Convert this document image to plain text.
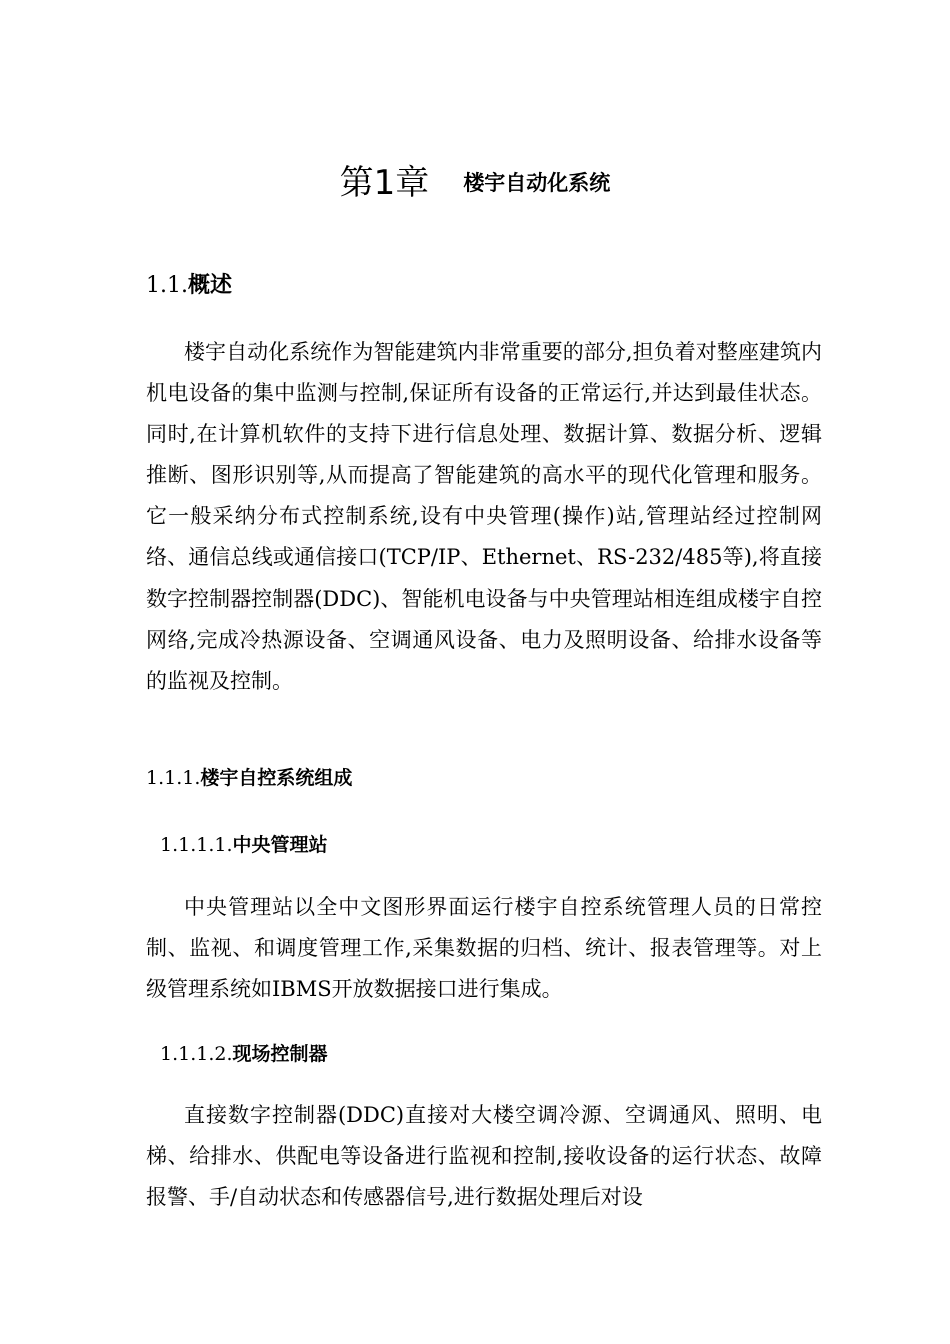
第1章 楼宇自动化系统
1.1.概述

楼宇自动化系统作为智能建筑内非常重要的部分,担负着对整座建筑内机电设备的集中监测与控制,保证所有设备的正常运行,并达到最佳状态。同时,在计算机软件的支持下进行信息处理、数据计算、数据分析、逻辑推断、图形识别等,从而提高了智能建筑的高水平的现代化管理和服务。它一般采纳分布式控制系统,设有中央管理(操作)站,管理站经过控制网络、通信总线或通信接口(TCP/IP、Ethernet、RS-232/485等),将直接数字控制器控制器(DDC)、智能机电设备与中央管理站相连组成楼宇自控网络,完成冷热源设备、空调通风设备、电力及照明设备、给排水设备等的监视及控制。

1.1.1.楼宇自控系统组成
1.1.1.1.中央管理站

中央管理站以全中文图形界面运行楼宇自控系统管理人员的日常控制、监视、和调度管理工作,采集数据的归档、统计、报表管理等。对上级管理系统如IBMS开放数据接口进行集成。

1.1.1.2.现场控制器

直接数字控制器(DDC)直接对大楼空调冷源、空调通风、照明、电梯、给排水、供配电等设备进行监视和控制,接收设备的运行状态、故障报警、手/自动状态和传感器信号,进行数据处理后对设
